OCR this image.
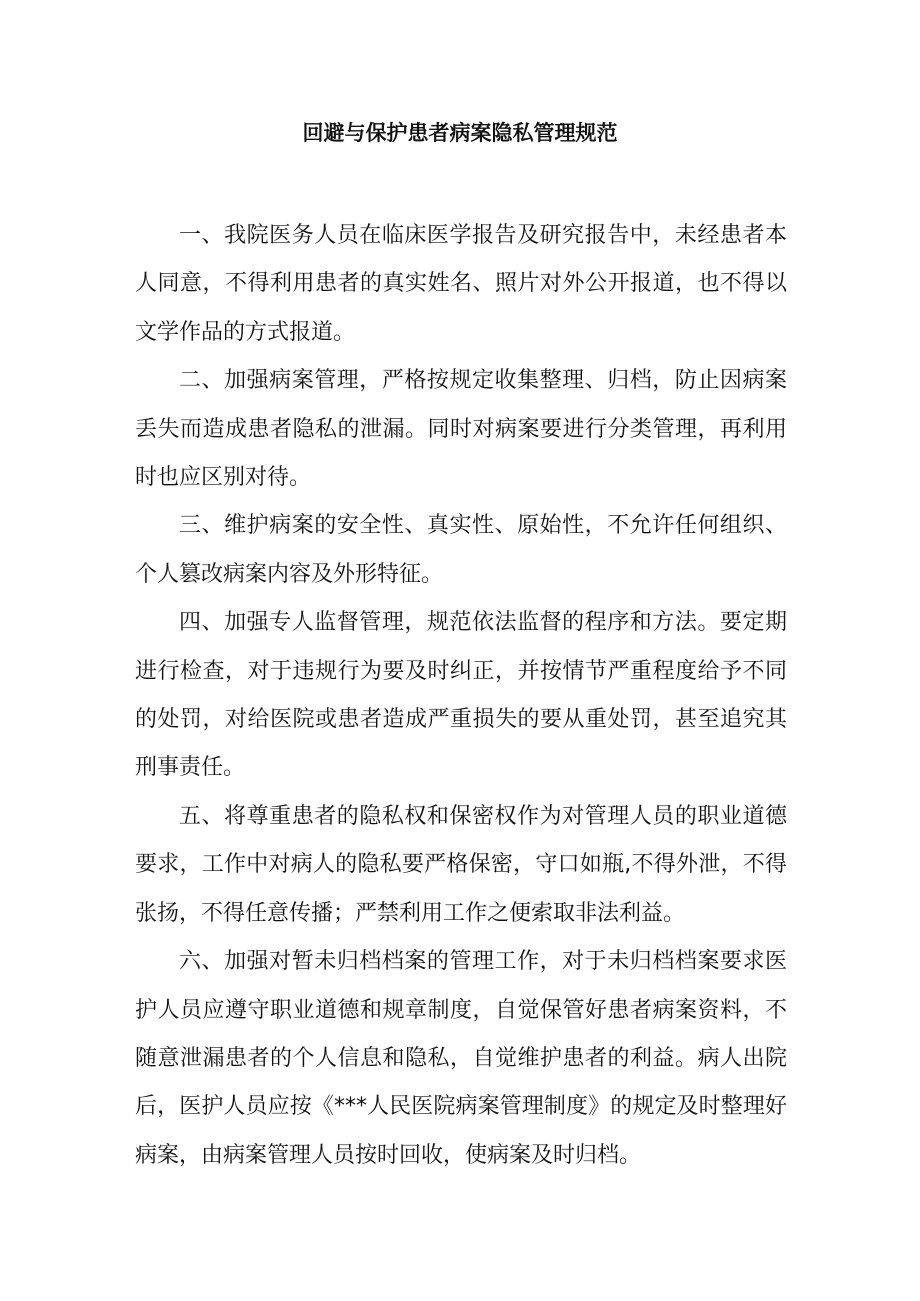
回避与保护患者病案隐私管理规范

一、我院医务人员在临床医学报告及研究报告中，未经患者本人同意，不得利用患者的真实姓名、照片对外公开报道，也不得以文学作品的方式报道。

二、加强病案管理，严格按规定收集整理、归档，防止因病案丢失而造成患者隐私的泄漏。同时对病案要进行分类管理，再利用时也应区别对待。

三、维护病案的安全性、真实性、原始性，不允许任何组织、个人篡改病案内容及外形特征。

四、加强专人监督管理，规范依法监督的程序和方法。要定期进行检查，对于违规行为要及时纠正，并按情节严重程度给予不同的处罚，对给医院或患者造成严重损失的要从重处罚，甚至追究其刑事责任。

五、将尊重患者的隐私权和保密权作为对管理人员的职业道德要求，工作中对病人的隐私要严格保密，守口如瓶,不得外泄，不得张扬，不得任意传播；严禁利用工作之便索取非法利益。

六、加强对暂未归档档案的管理工作，对于未归档档案要求医护人员应遵守职业道德和规章制度，自觉保管好患者病案资料，不随意泄漏患者的个人信息和隐私，自觉维护患者的利益。病人出院后，医护人员应按《***人民医院病案管理制度》的规定及时整理好病案，由病案管理人员按时回收，使病案及时归档。
